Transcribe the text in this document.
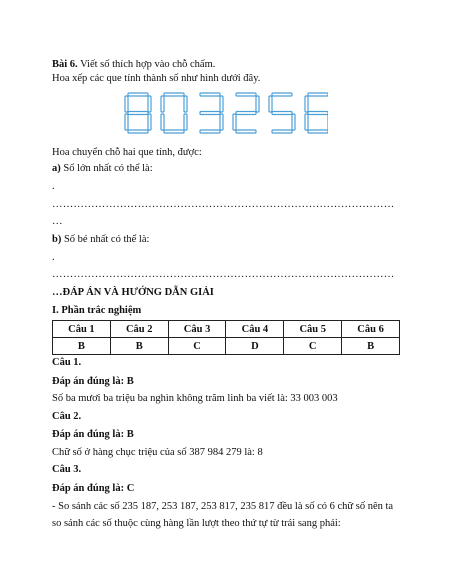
Bài 6. Viết số thích hợp vào chỗ chấm.
Hoa xếp các que tính thành số như hình dưới đây.
Hoa chuyển chỗ hai que tính, được:
a) Số lớn nhất có thể là:
.
……………………………………………………………………………………
…
b) Số bé nhất có thể là:
.
……………………………………………………………………………………
…ĐÁP ÁN VÀ HƯỚNG DẪN GIẢI
I. Phần trắc nghiệm
Câu 1	Câu 2	Câu 3	Câu 4	Câu 5	Câu 6
B	B	C	D	C	B
Câu 1.
Đáp án đúng là: B
Số ba mươi ba triệu ba nghìn không trăm linh ba viết là: 33 003 003
Câu 2.
Đáp án đúng là: B
Chữ số ở hàng chục triệu của số 387 984 279 là: 8
Câu 3.
Đáp án đúng là: C
- So sánh các số 235 187, 253 187, 253 817, 235 817 đều là số có 6 chữ số nên ta
so sánh các số thuộc cùng hàng lần lượt theo thứ tự từ trái sang phải:
